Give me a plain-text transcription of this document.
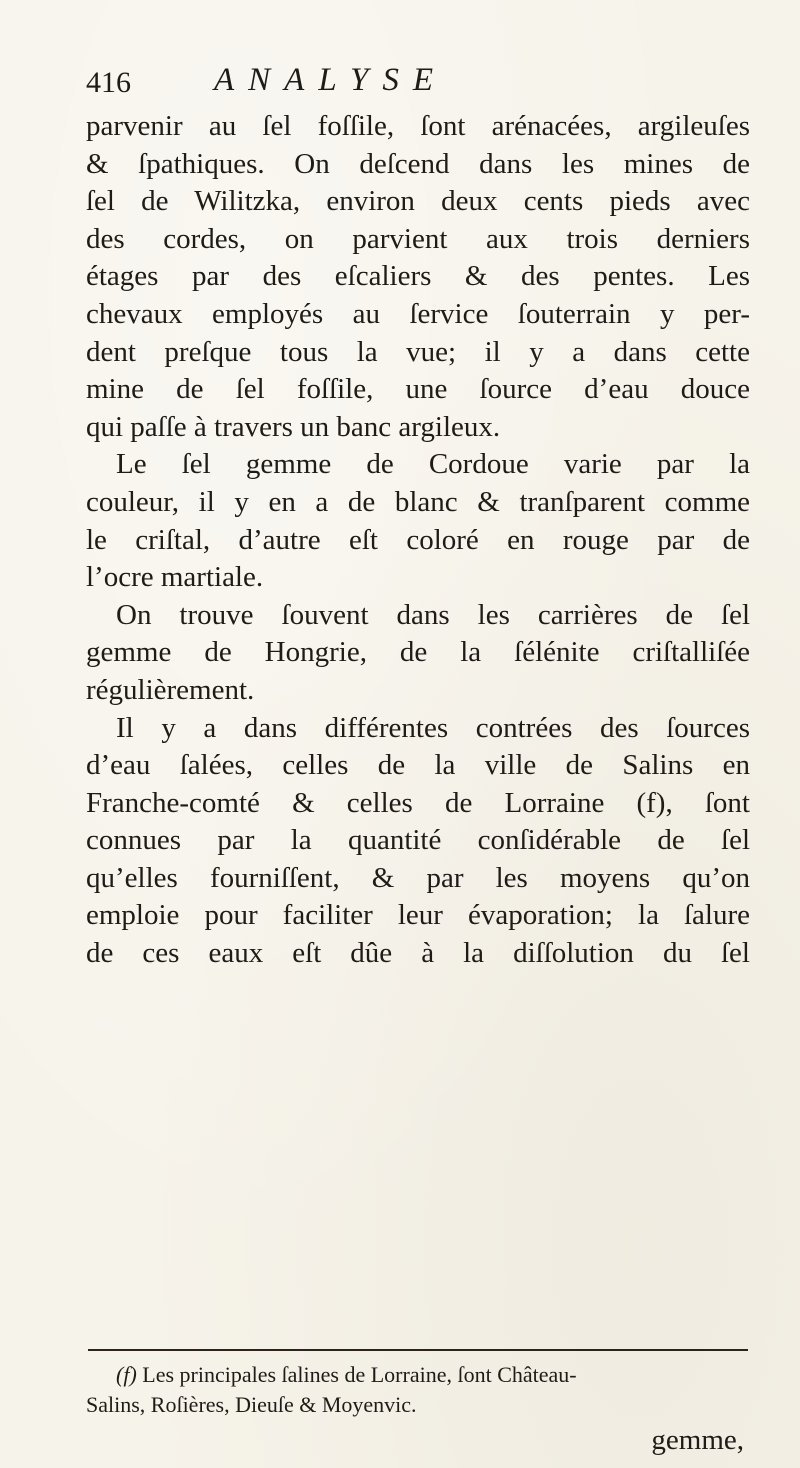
416	ANALYSE
parvenir au ſel foſſile, ſont arénacées, argileuſes
& ſpathiques. On deſcend dans les mines de
ſel de Wilitzka, environ deux cents pieds avec
des cordes, on parvient aux trois derniers
étages par des eſcaliers & des pentes. Les
chevaux employés au ſervice ſouterrain y per-
dent preſque tous la vue; il y a dans cette
mine de ſel foſſile, une ſource d’eau douce
qui paſſe à travers un banc argileux.
Le ſel gemme de Cordoue varie par la
couleur, il y en a de blanc & tranſparent comme
le criſtal, d’autre eſt coloré en rouge par de
l’ocre martiale.
On trouve ſouvent dans les carrières de ſel
gemme de Hongrie, de la ſélénite criſtalliſée
régulièrement.
Il y a dans différentes contrées des ſources
d’eau ſalées, celles de la ville de Salins en
Franche-comté & celles de Lorraine (f), ſont
connues par la quantité conſidérable de ſel
qu’elles fourniſſent, & par les moyens qu’on
emploie pour faciliter leur évaporation; la ſalure
de ces eaux eſt dûe à la diſſolution du ſel
(f) Les principales ſalines de Lorraine, ſont Château-
Salins, Roſières, Dieuſe & Moyenvic.
gemme,
